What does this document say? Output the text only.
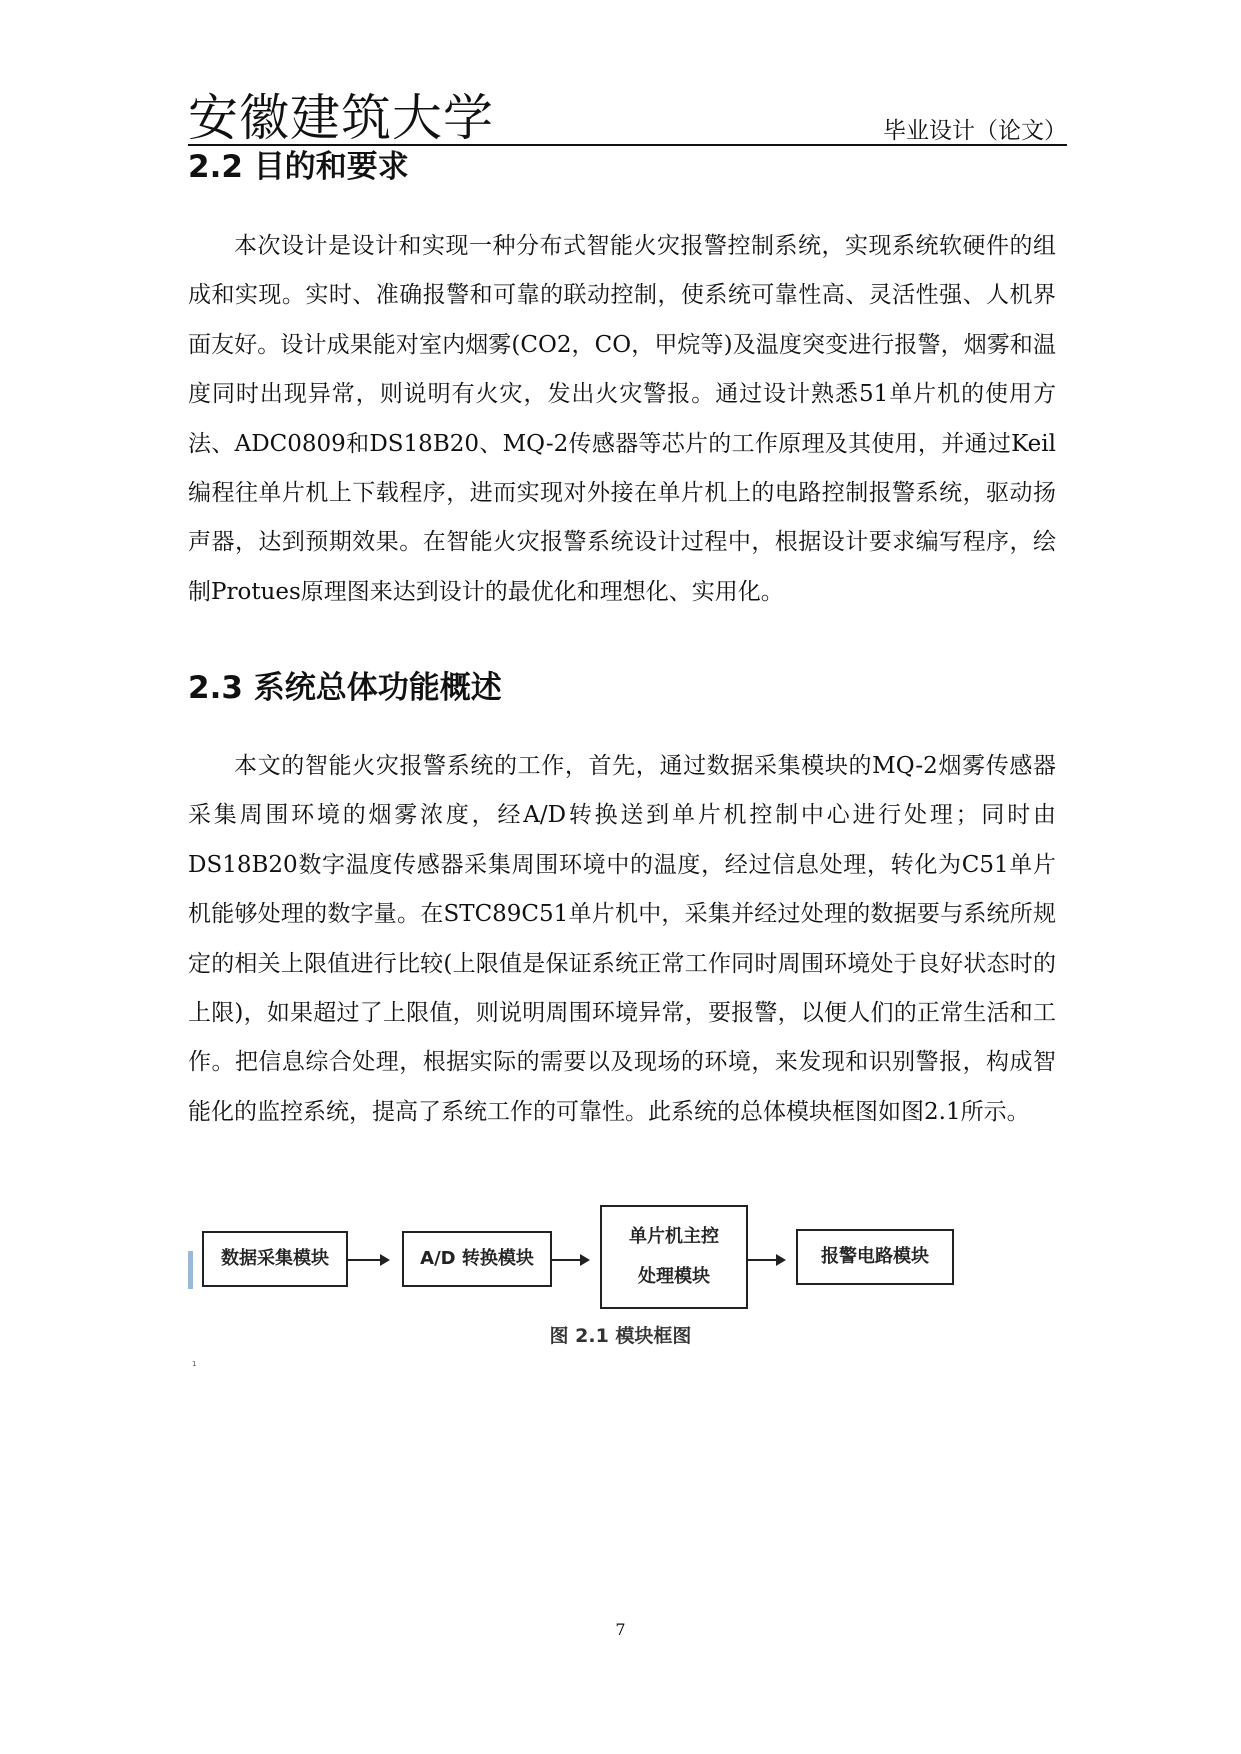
安徽建筑大学	毕业设计（论文）
2.2 目的和要求

本次设计是设计和实现一种分布式智能火灾报警控制系统，实现系统软硬件的组成和实现。实时、准确报警和可靠的联动控制，使系统可靠性高、灵活性强、人机界面友好。设计成果能对室内烟雾(CO2，CO，甲烷等)及温度突变进行报警，烟雾和温度同时出现异常，则说明有火灾，发出火灾警报。通过设计熟悉51单片机的使用方法、ADC0809和DS18B20、MQ-2传感器等芯片的工作原理及其使用，并通过Keil编程往单片机上下载程序，进而实现对外接在单片机上的电路控制报警系统，驱动扬声器，达到预期效果。在智能火灾报警系统设计过程中，根据设计要求编写程序，绘制Protues原理图来达到设计的最优化和理想化、实用化。

2.3 系统总体功能概述

本文的智能火灾报警系统的工作，首先，通过数据采集模块的MQ-2烟雾传感器采集周围环境的烟雾浓度，经A/D转换送到单片机控制中心进行处理；同时由DS18B20数字温度传感器采集周围环境中的温度，经过信息处理，转化为C51单片机能够处理的数字量。在STC89C51单片机中，采集并经过处理的数据要与系统所规定的相关上限值进行比较(上限值是保证系统正常工作同时周围环境处于良好状态时的上限)，如果超过了上限值，则说明周围环境异常，要报警，以便人们的正常生活和工作。把信息综合处理，根据实际的需要以及现场的环境，来发现和识别警报，构成智能化的监控系统，提高了系统工作的可靠性。此系统的总体模块框图如图2.1所示。

数据采集模块	A/D 转换模块
单片机主控
处理模块
报警电路模块
图 2.1 模块框图
1
7
